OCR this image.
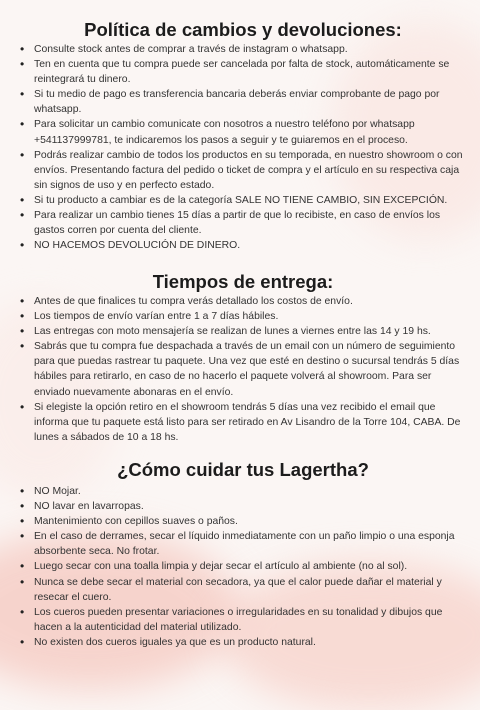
Política de cambios y devoluciones:
• Consulte stock antes de comprar a través de instagram o whatsapp.
• Ten en cuenta que tu compra puede ser cancelada por falta de stock, automáticamente se reintegrará tu dinero.
• Si tu medio de pago es transferencia bancaria deberás enviar comprobante de pago por whatsapp.
• Para solicitar un cambio comunicate con nosotros a nuestro teléfono por whatsapp +541137999781, te indicaremos los pasos a seguir y te guiaremos en el proceso.
• Podrás realizar cambio de todos los productos en su temporada, en nuestro showroom o con envíos. Presentando factura del pedido o ticket de compra y el artículo en su respectiva caja sin signos de uso y en perfecto estado.
• Si tu producto a cambiar es de la categoría SALE NO TIENE CAMBIO, SIN EXCEPCIÓN.
• Para realizar un cambio tienes 15 días a partir de que lo recibiste, en caso de envíos los gastos corren por cuenta del cliente.
• NO HACEMOS DEVOLUCIÓN DE DINERO.
Tiempos de entrega:
• Antes de que finalices tu compra verás detallado los costos de envío.
• Los tiempos de envío varían entre 1 a 7 días hábiles.
• Las entregas con moto mensajería se realizan de lunes a viernes entre las 14 y 19 hs.
• Sabrás que tu compra fue despachada a través de un email con un número de seguimiento para que puedas rastrear tu paquete. Una vez que esté en destino o sucursal tendrás 5 días hábiles para retirarlo, en caso de no hacerlo el paquete volverá al showroom. Para ser enviado nuevamente abonaras en el envío.
• Si elegiste la opción retiro en el showroom tendrás 5 días una vez recibido el email que informa que tu paquete está listo para ser retirado en Av Lisandro de la Torre 104, CABA. De lunes a sábados de 10 a 18 hs.
¿Cómo cuidar tus Lagertha?
• NO Mojar.
• NO lavar en lavarropas.
• Mantenimiento con cepillos suaves o paños.
• En el caso de derrames, secar el líquido inmediatamente con un paño limpio o una esponja absorbente seca. No frotar.
• Luego secar con una toalla limpia y dejar secar el artículo al ambiente (no al sol).
• Nunca se debe secar el material con secadora, ya que el calor puede dañar el material y resecar el cuero.
• Los cueros pueden presentar variaciones o irregularidades en su tonalidad y dibujos que hacen a la autenticidad del material utilizado.
• No existen dos cueros iguales ya que es un producto natural.
